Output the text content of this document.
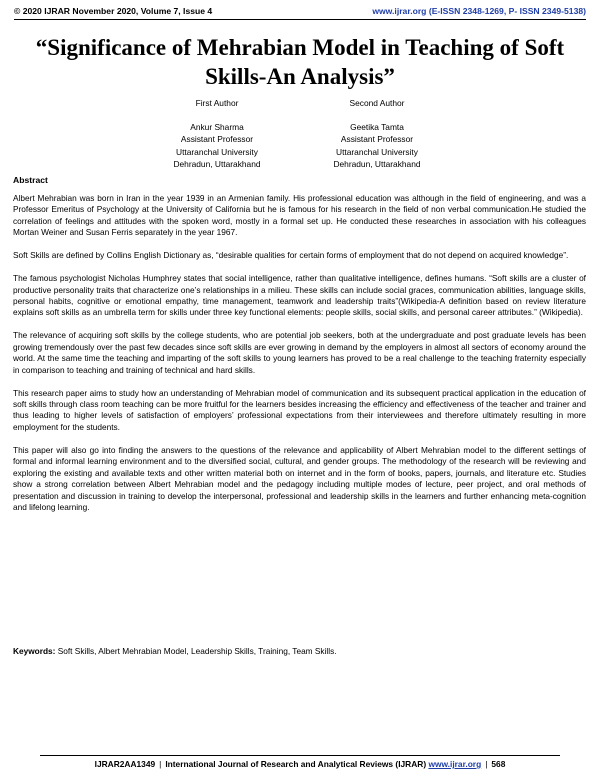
© 2020 IJRAR November 2020, Volume 7, Issue 4	www.ijrar.org (E-ISSN 2348-1269, P- ISSN 2349-5138)
“Significance of Mehrabian Model in Teaching of Soft
Skills-An Analysis”
First Author
Ankur Sharma
Assistant Professor
Uttaranchal University
Dehradun, Uttarakhand
Second Author
Geetika Tamta
Assistant Professor
Uttaranchal University
Dehradun, Uttarakhand
Abstract

Albert Mehrabian was born in Iran in the year 1939 in an Armenian family. His professional education was although in the field of engineering, and was a Professor Emeritus of Psychology at the University of California but he is famous for his research in the field of non verbal communication.He studied the correlation of feelings and attitudes with the spoken word, mostly in a formal set up. He conducted these researches in association with his colleagues Mortan Weiner and Susan Ferris separately in the year 1967.

Soft Skills are defined by Collins English Dictionary as, “desirable qualities for certain forms of employment that do not depend on acquired knowledge”.

The famous psychologist Nicholas Humphrey states that social intelligence, rather than qualitative intelligence, defines humans. “Soft skills are a cluster of productive personality traits that characterize one’s relationships in a milieu. These skills can include social graces, communication abilities, language skills, personal habits, cognitive or emotional empathy, time management, teamwork and leadership traits”(Wikipedia-A definition based on review literature explains soft skills as an umbrella term for skills under three key functional elements: people skills, social skills, and personal career attributes.” (Wikipedia).

The relevance of acquiring soft skills by the college students, who are potential job seekers, both at the undergraduate and post graduate levels has been growing tremendously over the past few decades since soft skills are ever growing in demand by the employers in almost all sectors of economy around the world. At the same time the teaching and imparting of the soft skills to young learners has proved to be a real challenge to the teaching fraternity especially in comparison to teaching and training of technical and hard skills.

This research paper aims to study how an understanding of Mehrabian model of communication and its subsequent practical application in the education of soft skills through class room teaching can be more fruitful for the learners besides increasing the efficiency and effectiveness of the teacher and trainer and thus leading to higher levels of satisfaction of employers’ professional expectations from their interviewees and therefore ultimately resulting in more employment for the students.

This paper will also go into finding the answers to the questions of the relevance and applicability of Albert Mehrabian model to the different settings of formal and informal learning environment and to the diversified social, cultural, and gender groups. The methodology of the research will be reviewing and exploring the existing and available texts and other written material both on internet and in the form of books, papers, journals, and literature etc. Studies show a strong correlation between Albert Mehrabian model and the pedagogy including multiple modes of lecture, peer project, and oral methods of presentation and discussion in training to develop the interpersonal, professional and leadership skills in the learners and further enhancing meta-cognition and lifelong learning.

Keywords: Soft Skills, Albert Mehrabian Model, Leadership Skills, Training, Team Skills.
IJRAR2AA1349 | International Journal of Research and Analytical Reviews (IJRAR) www.ijrar.org | 568
